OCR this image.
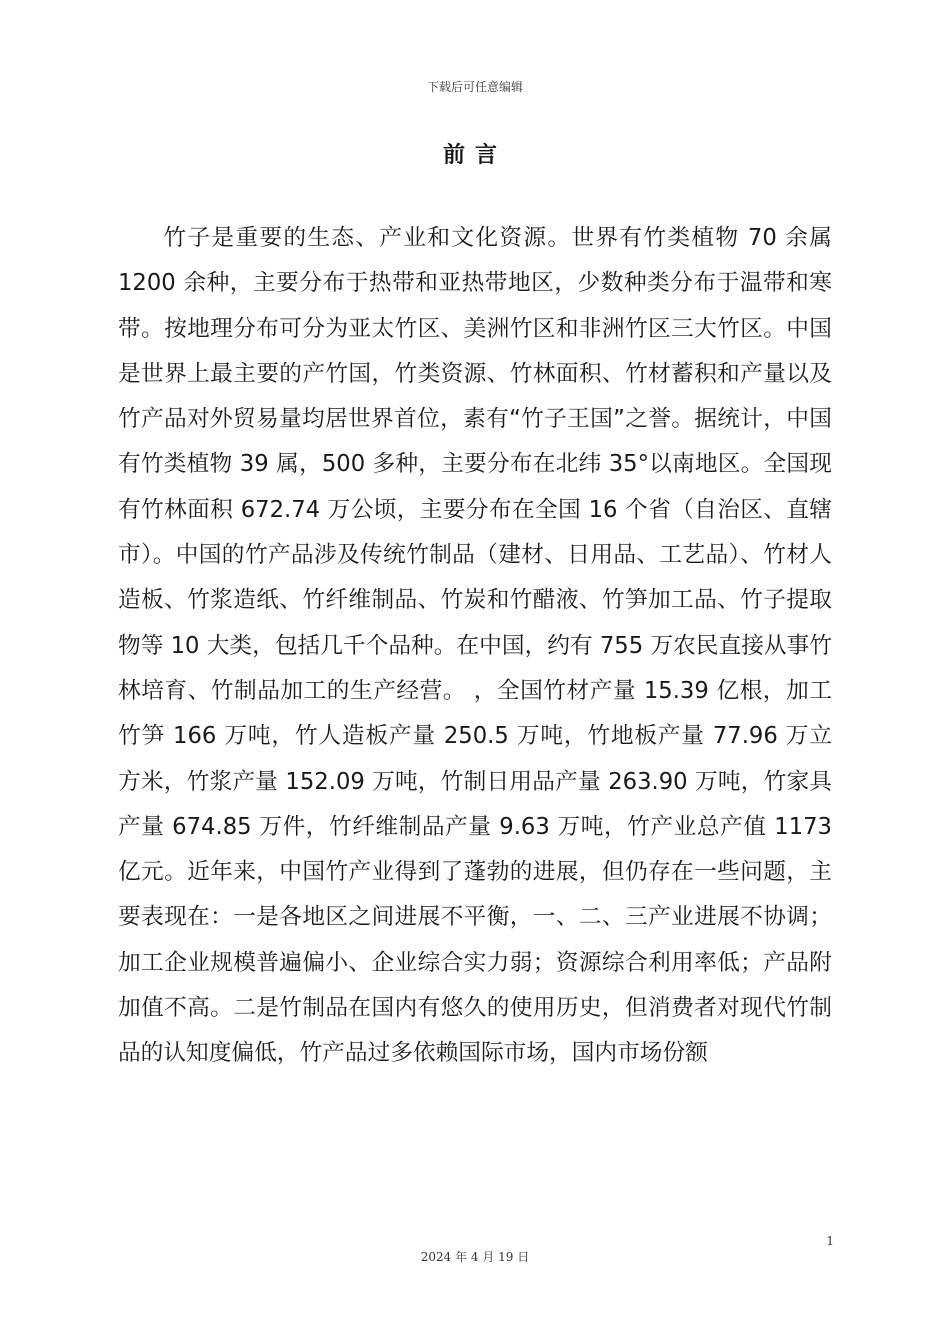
下载后可任意编辑
前言

竹子是重要的生态、产业和文化资源。世界有竹类植物 70 余属 1200 余种，主要分布于热带和亚热带地区，少数种类分布于温带和寒带。按地理分布可分为亚太竹区、美洲竹区和非洲竹区三大竹区。中国是世界上最主要的产竹国，竹类资源、竹林面积、竹材蓄积和产量以及竹产品对外贸易量均居世界首位，素有“竹子王国”之誉。据统计，中国有竹类植物 39 属，500 多种，主要分布在北纬 35°以南地区。全国现有竹林面积 672.74 万公顷，主要分布在全国 16 个省（自治区、直辖市）。中国的竹产品涉及传统竹制品（建材、日用品、工艺品）、竹材人造板、竹浆造纸、竹纤维制品、竹炭和竹醋液、竹笋加工品、竹子提取物等 10 大类，包括几千个品种。在中国，约有 755 万农民直接从事竹林培育、竹制品加工的生产经营。 ，全国竹材产量 15.39 亿根，加工竹笋 166 万吨，竹人造板产量 250.5 万吨，竹地板产量 77.96 万立方米，竹浆产量 152.09 万吨，竹制日用品产量 263.90 万吨，竹家具产量 674.85 万件，竹纤维制品产量 9.63 万吨，竹产业总产值 1173 亿元。近年来，中国竹产业得到了蓬勃的进展，但仍存在一些问题，主要表现在：一是各地区之间进展不平衡，一、二、三产业进展不协调；加工企业规模普遍偏小、企业综合实力弱；资源综合利用率低；产品附加值不高。二是竹制品在国内有悠久的使用历史，但消费者对现代竹制品的认知度偏低，竹产品过多依赖国际市场，国内市场份额

1
2024 年 4 月 19 日
